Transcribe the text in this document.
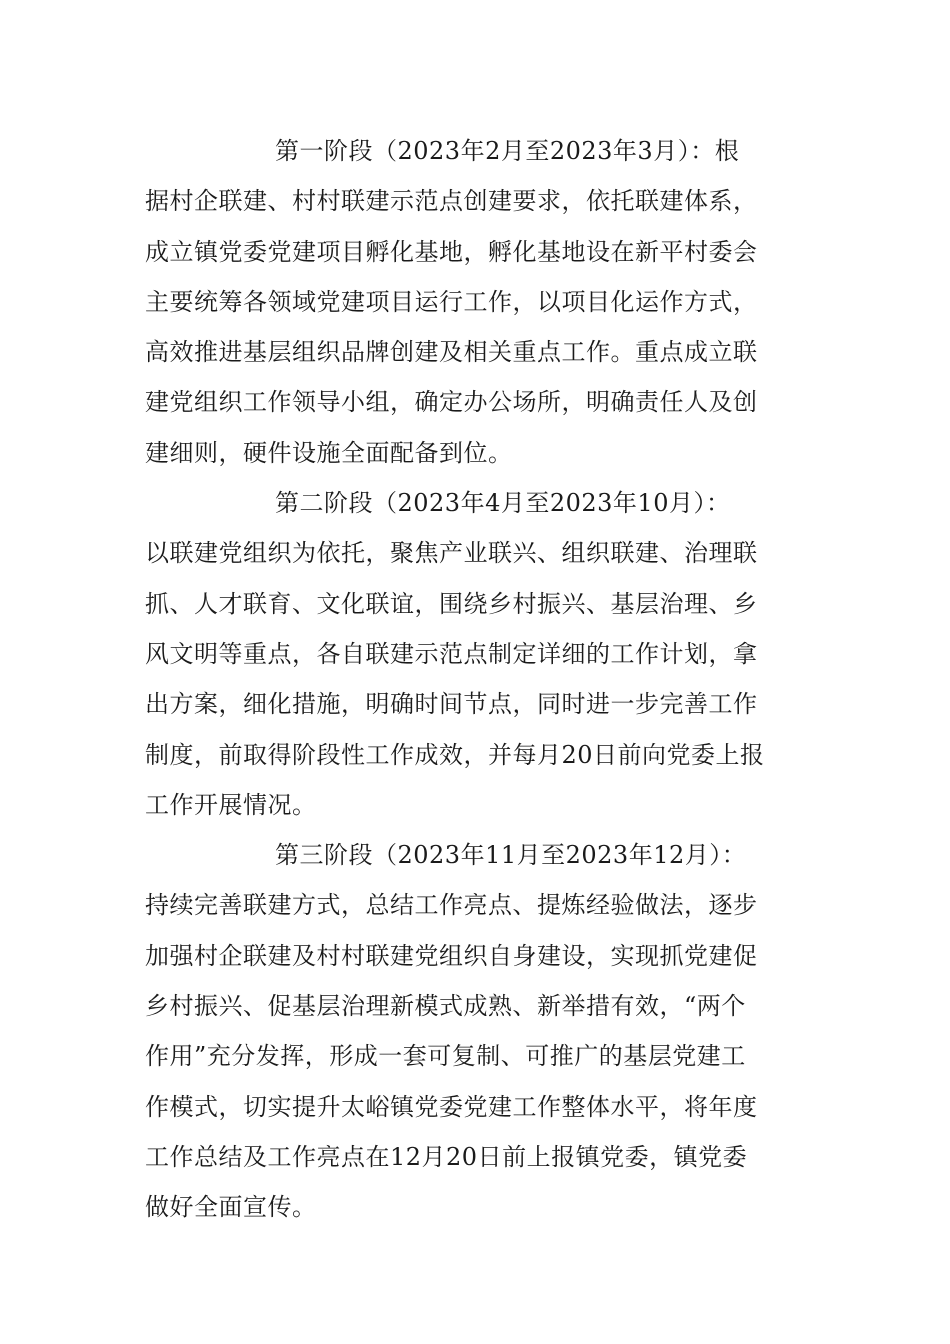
第一阶段（2023年2月至2023年3月）：根
据村企联建、村村联建示范点创建要求，依托联建体系，
成立镇党委党建项目孵化基地，孵化基地设在新平村委会
主要统筹各领域党建项目运行工作，以项目化运作方式，
高效推进基层组织品牌创建及相关重点工作。重点成立联
建党组织工作领导小组，确定办公场所，明确责任人及创
建细则，硬件设施全面配备到位。

第二阶段（2023年4月至2023年10月）：
以联建党组织为依托，聚焦产业联兴、组织联建、治理联
抓、人才联育、文化联谊，围绕乡村振兴、基层治理、乡
风文明等重点，各自联建示范点制定详细的工作计划，拿
出方案，细化措施，明确时间节点，同时进一步完善工作
制度，前取得阶段性工作成效，并每月20日前向党委上报
工作开展情况。

第三阶段（2023年11月至2023年12月）：
持续完善联建方式，总结工作亮点、提炼经验做法，逐步
加强村企联建及村村联建党组织自身建设，实现抓党建促
乡村振兴、促基层治理新模式成熟、新举措有效，“两个
作用”充分发挥，形成一套可复制、可推广的基层党建工
作模式，切实提升太峪镇党委党建工作整体水平，将年度
工作总结及工作亮点在12月20日前上报镇党委，镇党委
做好全面宣传。
